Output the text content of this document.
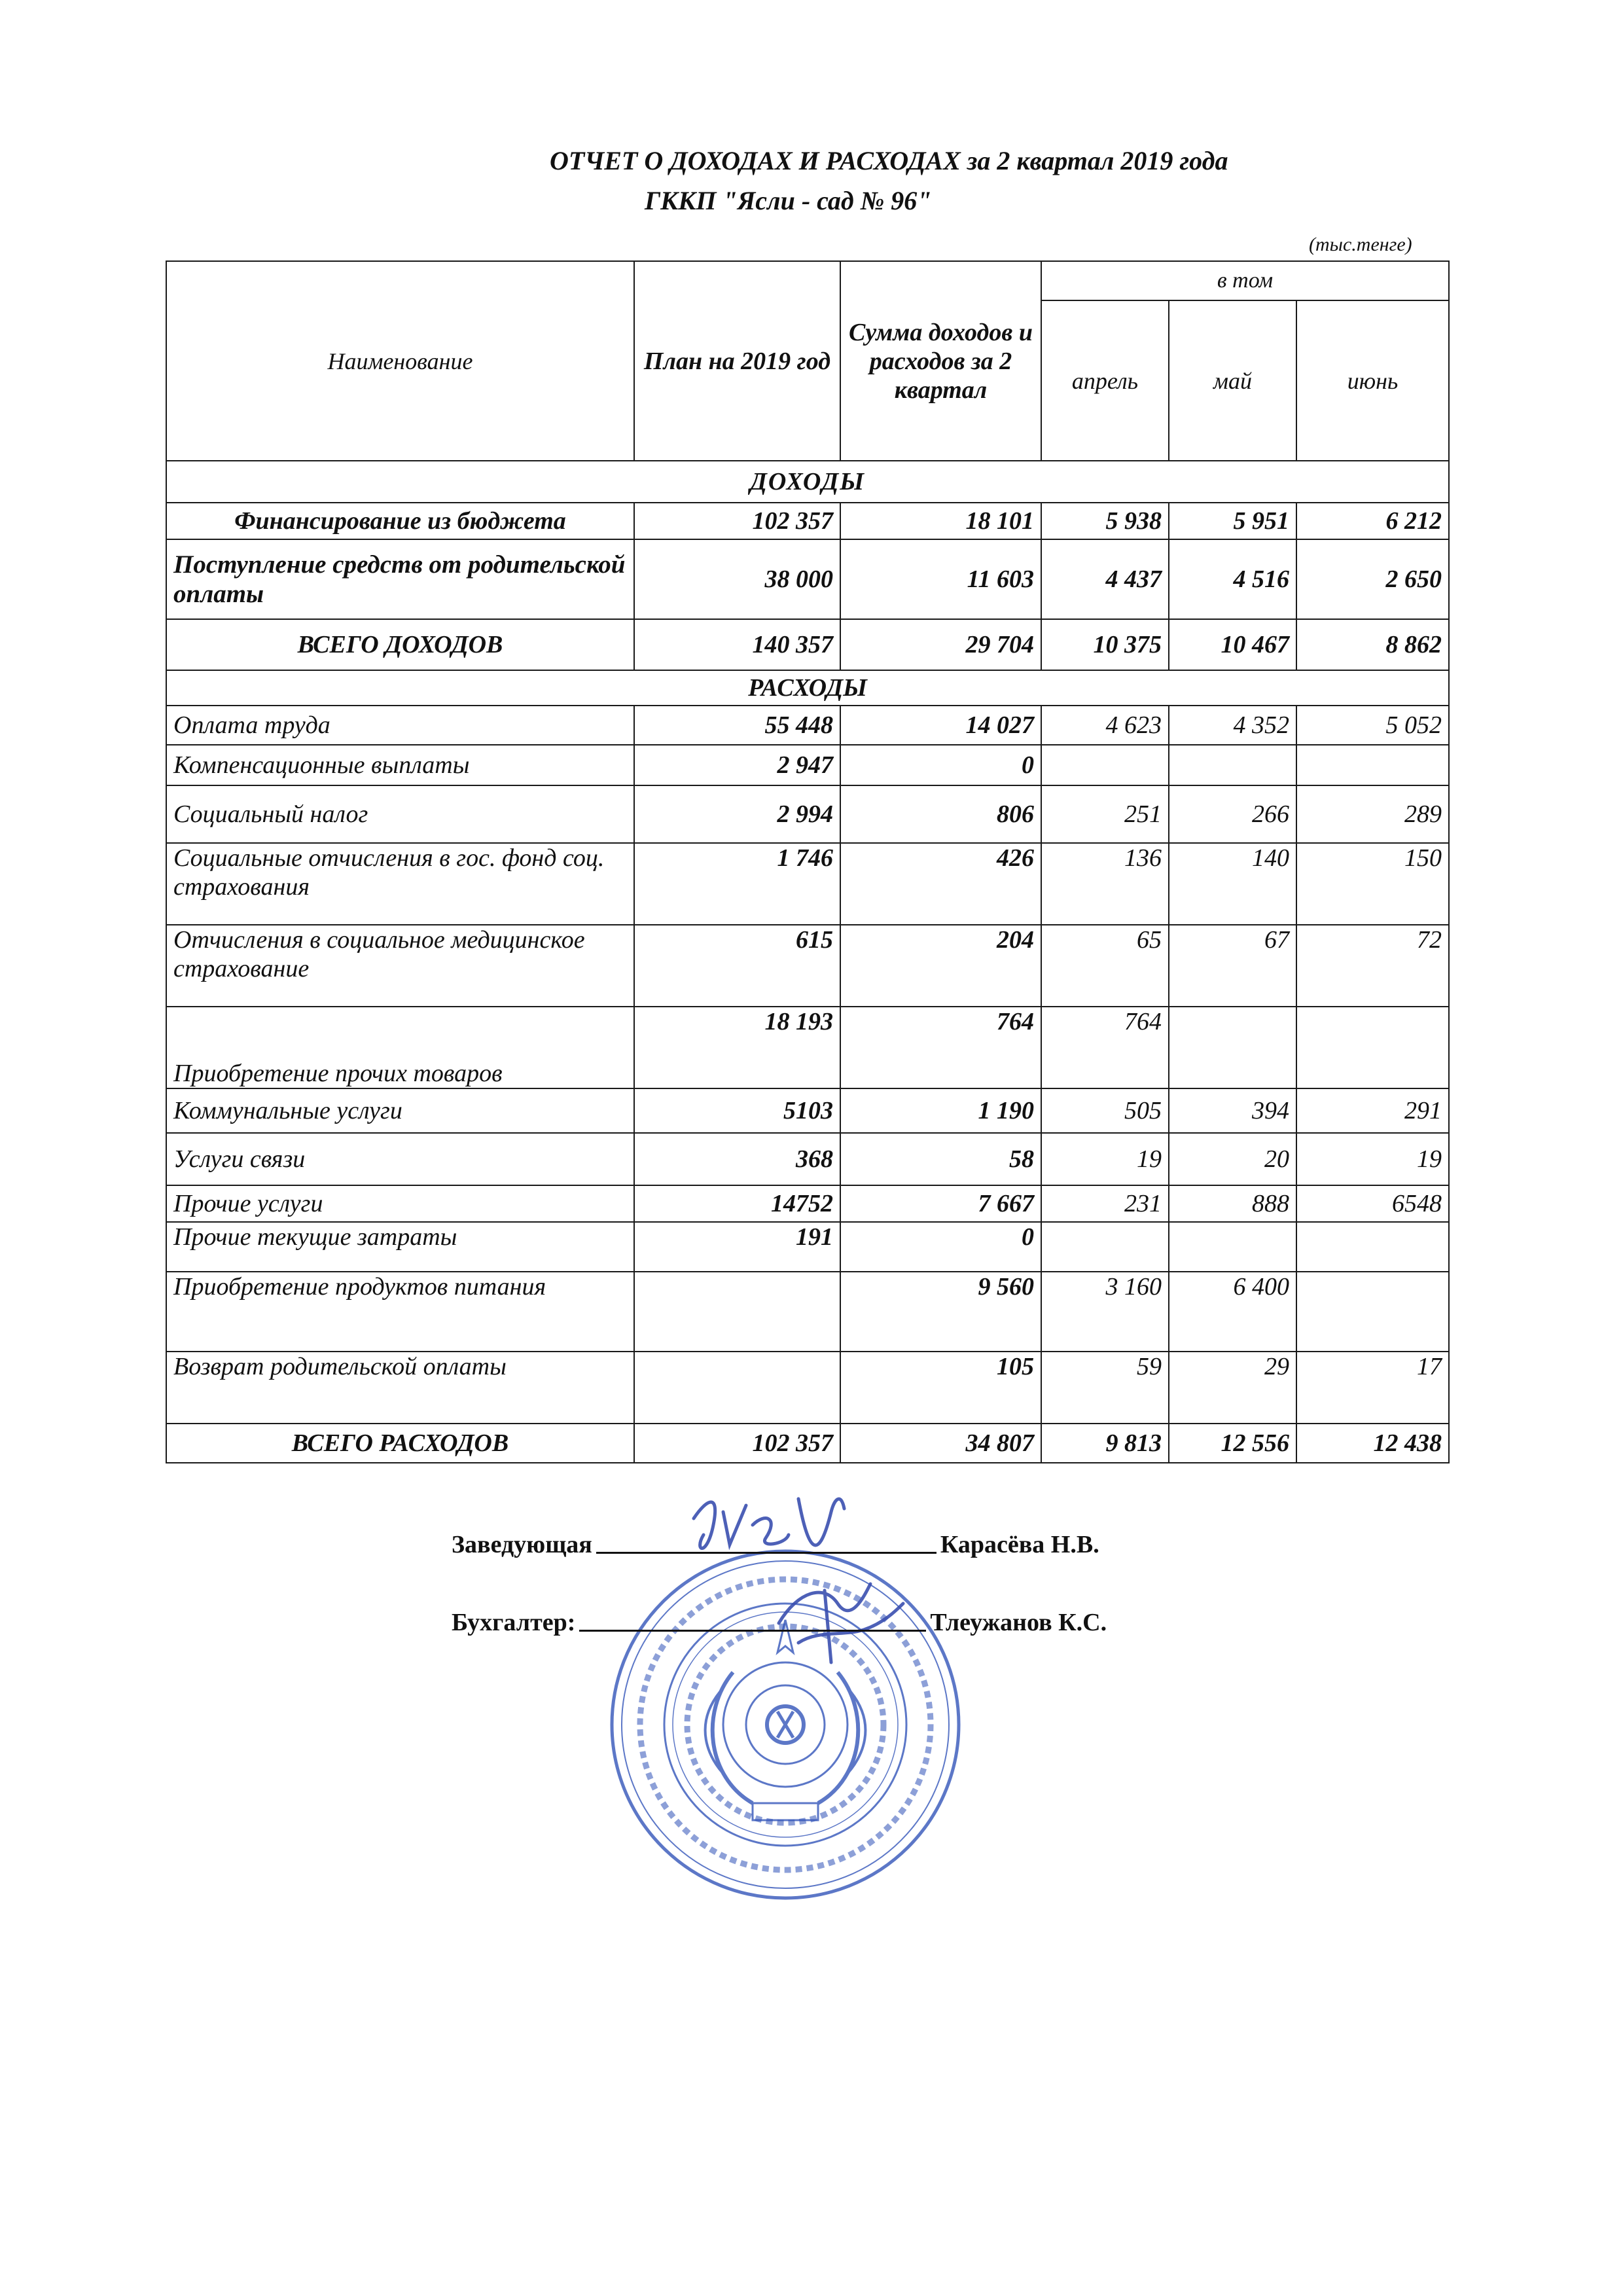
ОТЧЕТ О ДОХОДАХ И РАСХОДАХ за 2 квартал 2019 года
ГККП "Ясли - сад № 96"
(тыс.тенге)
Наименование	План на 2019 год	Сумма доходов и расходов за 2 квартал	в том		
			апрель	май	июнь
ДОХОДЫ					
Финансирование из бюджета	102 357	18 101	5 938	5 951	6 212
Поступление средств от родительской оплаты	38 000	11 603	4 437	4 516	2 650
ВСЕГО ДОХОДОВ	140 357	29 704	10 375	10 467	8 862
РАСХОДЫ					
Оплата труда	55 448	14 027	4 623	4 352	5 052
Компенсационные выплаты	2 947	0			
Социальный налог	2 994	806	251	266	289
Социальные отчисления в гос. фонд соц. страхования	1 746	426	136	140	150
Отчисления в социальное медицинское страхование	615	204	65	67	72
Приобретение прочих товаров	18 193	764	764		
Коммунальные услуги	5103	1 190	505	394	291
Услуги связи	368	58	19	20	19
Прочие услуги	14752	7 667	231	888	6548
Прочие текущие затраты	191	0			
Приобретение продуктов питания		9 560	3 160	6 400	
Возврат родительской оплаты		105	59	29	17
ВСЕГО РАСХОДОВ	102 357	34 807	9 813	12 556	12 438
Заведующая	Карасёва Н.В.
Бухгалтер:	Тлеужанов К.С.
